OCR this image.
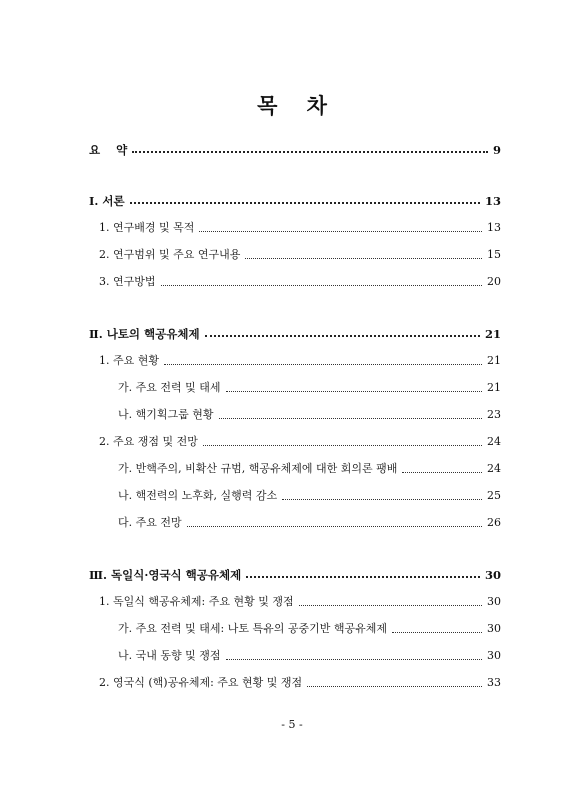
목    차
요    약	9
Ⅰ. 서론	13
1. 연구배경 및 목적	13
2. 연구범위 및 주요 연구내용	15
3. 연구방법	20
Ⅱ. 나토의 핵공유체제	21
1. 주요 현황	21
가. 주요 전력 및 태세	21
나. 핵기획그룹 현황	23
2. 주요 쟁점 및 전망	24
가. 반핵주의, 비확산 규범, 핵공유체제에 대한 회의론 팽배	24
나. 핵전력의 노후화, 실행력 감소	25
다. 주요 전망	26
Ⅲ. 독일식·영국식 핵공유체제	30
1. 독일식 핵공유체제: 주요 현황 및 쟁점	30
가. 주요 전력 및 태세: 나토 특유의 공중기반 핵공유체제	30
나. 국내 동향 및 쟁점	30
2. 영국식 (핵)공유체제: 주요 현황 및 쟁점	33
- 5 -
